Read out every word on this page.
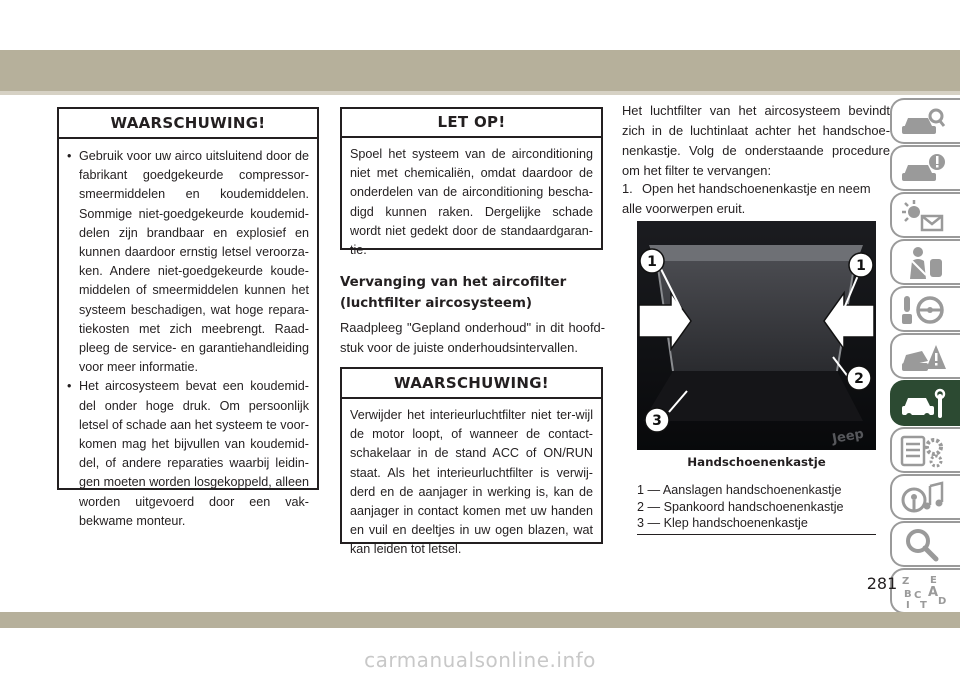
WAARSCHUWING!
• Gebruik voor uw airco uitsluitend door de fabrikant goedgekeurde compressor-smeermiddelen en koudemiddelen. Sommige niet-goedgekeurde koudemid-delen zijn brandbaar en explosief en kunnen daardoor ernstig letsel veroorza-ken. Andere niet-goedgekeurde koude-middelen of smeermiddelen kunnen het systeem beschadigen, wat hoge repara-tiekosten met zich meebrengt. Raad-pleeg de service- en garantiehandleiding voor meer informatie.
• Het aircosysteem bevat een koudemid-del onder hoge druk. Om persoonlijk letsel of schade aan het systeem te voor-komen mag het bijvullen van koudemid-del, of andere reparaties waarbij leidin-gen moeten worden losgekoppeld, alleen worden uitgevoerd door een vak-bekwame monteur.
LET OP!
Spoel het systeem van de airconditioning niet met chemicaliën, omdat daardoor de onderdelen van de airconditioning bescha-digd kunnen raken. Dergelijke schade wordt niet gedekt door de standaardgaran-tie.
Vervanging van het aircofilter (luchtfilter aircosysteem)
Raadpleeg "Gepland onderhoud" in dit hoofd-stuk voor de juiste onderhoudsintervallen.
WAARSCHUWING!
Verwijder het interieurluchtfilter niet ter-wijl de motor loopt, of wanneer de contact-schakelaar in de stand ACC of ON/RUN staat. Als het interieurluchtfilter is verwij-derd en de aanjager in werking is, kan de aanjager in contact komen met uw handen en vuil en deeltjes in uw ogen blazen, wat kan leiden tot letsel.
Het luchtfilter van het aircosysteem bevindt zich in de luchtinlaat achter het handschoe-nenkastje. Volg de onderstaande procedure om het filter te vervangen:
1. Open het handschoenenkastje en neem alle voorwerpen eruit.
Jeep
1	1
2
3
Handschoenenkastje
1 — Aanslagen handschoenenkastje
2 — Spankoord handschoenenkastje
3 — Klep handschoenenkastje
Z E
B A
C
D
I T
281
carmanualsonline.info
